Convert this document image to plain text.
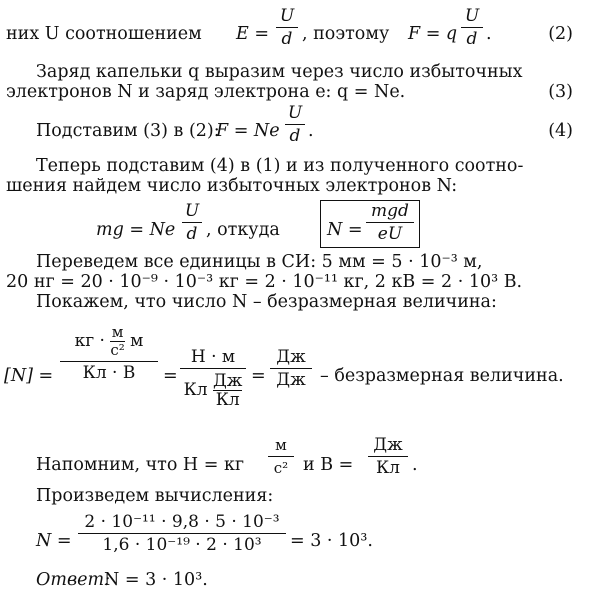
них U соотношением E =
U
d , поэтому F = q
U
d .	(2)
Заряд капельки q выразим через число избыточных
электронов N и заряд электрона e: q = Ne.	(3)
Подставим (3) в (2):
F = Ne
U
d .	(4)
Теперь подставим (4) в (1) и из полученного соотно-
шения найдем число избыточных электронов N:
mg = Ne
U
d , откуда	N =
mgd
eU
Переведем все единицы в СИ: 5 мм = 5 · 10⁻³ м,
20 нг = 20 · 10⁻⁹ · 10⁻³ кг = 2 · 10⁻¹¹ кг, 2 кВ = 2 · 10³ В.
Покажем, что число N – безразмерная величина:
[N] =
кг · м
с² м
Кл · В	=
Н · м
Кл Дж
Кл
=
Дж
Дж – безразмерная величина.
Напомним, что Н = кг
м
с² и В =
Дж
Кл .
Произведем вычисления:
N =
2 · 10⁻¹¹ · 9,8 · 5 · 10⁻³
1,6 · 10⁻¹⁹ · 2 · 10³	= 3 · 10³.
Ответ:
N = 3 · 10³.
